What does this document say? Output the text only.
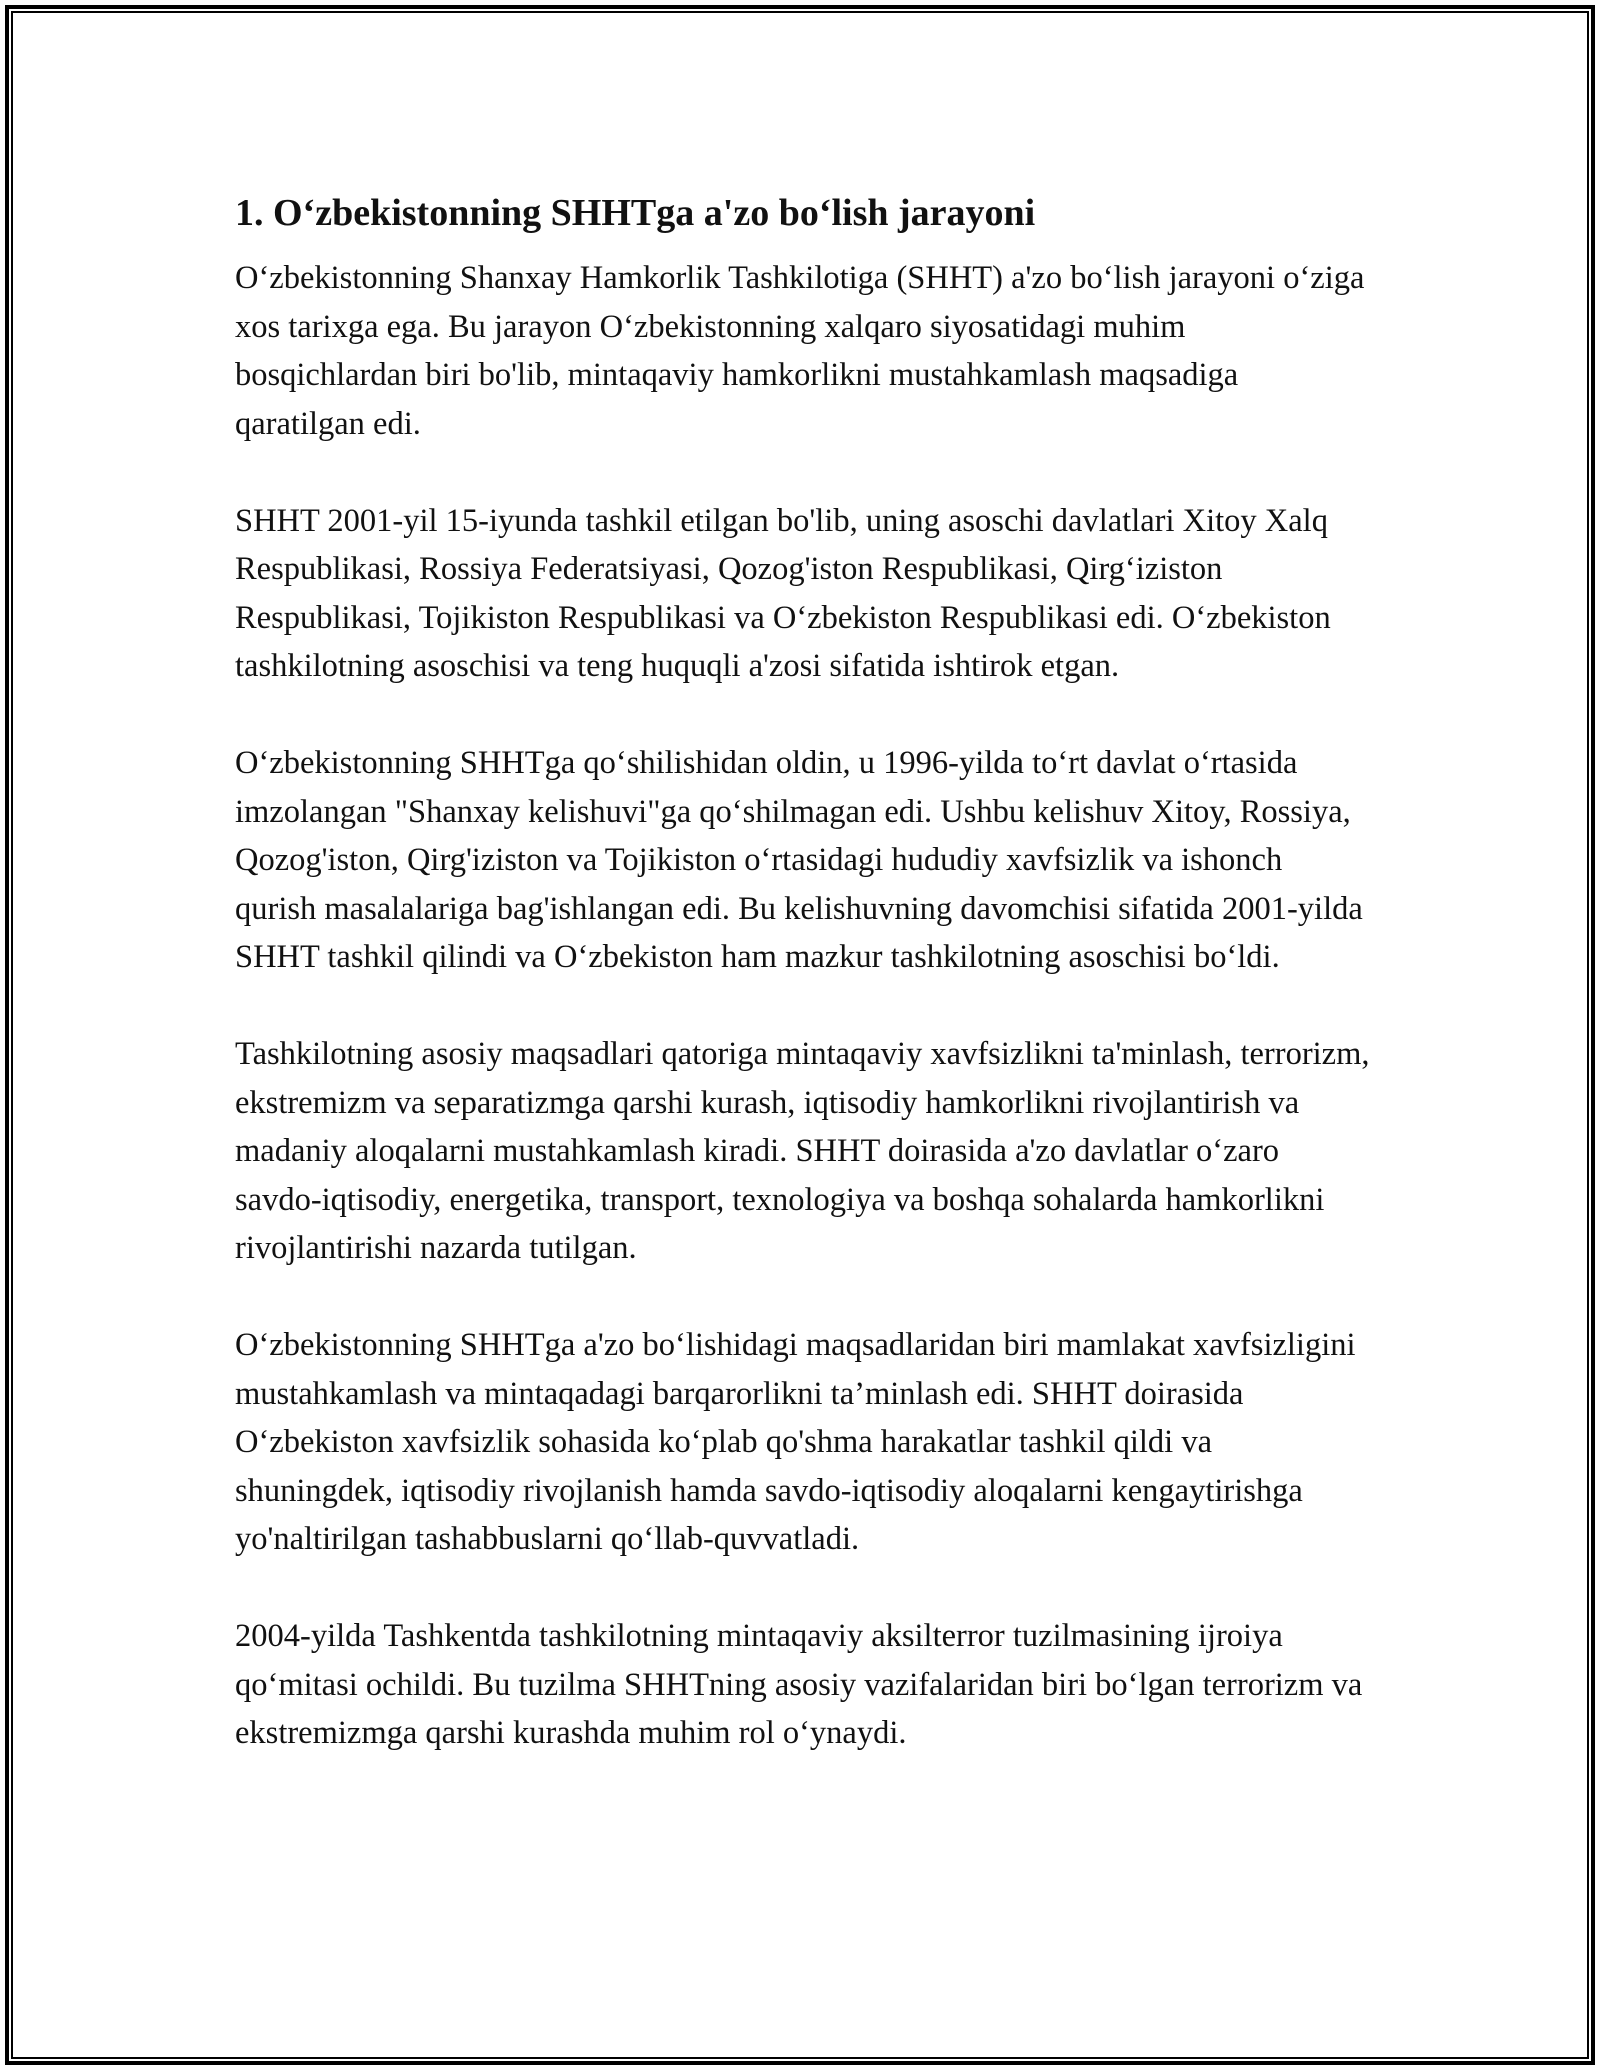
1. O‘zbekistonning SHHTga a'zo bo‘lish jarayoni

O‘zbekistonning Shanxay Hamkorlik Tashkilotiga (SHHT) a'zo bo‘lish jarayoni o‘ziga xos tarixga ega. Bu jarayon O‘zbekistonning xalqaro siyosatidagi muhim bosqichlardan biri bo'lib, mintaqaviy hamkorlikni mustahkamlash maqsadiga qaratilgan edi.

SHHT 2001-yil 15-iyunda tashkil etilgan bo'lib, uning asoschi davlatlari Xitoy Xalq Respublikasi, Rossiya Federatsiyasi, Qozog'iston Respublikasi, Qirg‘iziston Respublikasi, Tojikiston Respublikasi va O‘zbekiston Respublikasi edi. O‘zbekiston tashkilotning asoschisi va teng huquqli a'zosi sifatida ishtirok etgan.

O‘zbekistonning SHHTga qo‘shilishidan oldin, u 1996-yilda to‘rt davlat o‘rtasida imzolangan "Shanxay kelishuvi"ga qo‘shilmagan edi. Ushbu kelishuv Xitoy, Rossiya, Qozog'iston, Qirg'iziston va Tojikiston o‘rtasidagi hududiy xavfsizlik va ishonch qurish masalalariga bag'ishlangan edi. Bu kelishuvning davomchisi sifatida 2001-yilda SHHT tashkil qilindi va O‘zbekiston ham mazkur tashkilotning asoschisi bo‘ldi.

Tashkilotning asosiy maqsadlari qatoriga mintaqaviy xavfsizlikni ta'minlash, terrorizm, ekstremizm va separatizmga qarshi kurash, iqtisodiy hamkorlikni rivojlantirish va madaniy aloqalarni mustahkamlash kiradi. SHHT doirasida a'zo davlatlar o‘zaro savdo-iqtisodiy, energetika, transport, texnologiya va boshqa sohalarda hamkorlikni rivojlantirishi nazarda tutilgan.

O‘zbekistonning SHHTga a'zo bo‘lishidagi maqsadlaridan biri mamlakat xavfsizligini mustahkamlash va mintaqadagi barqarorlikni ta’minlash edi. SHHT doirasida O‘zbekiston xavfsizlik sohasida ko‘plab qo'shma harakatlar tashkil qildi va shuningdek, iqtisodiy rivojlanish hamda savdo-iqtisodiy aloqalarni kengaytirishga yo'naltirilgan tashabbuslarni qo‘llab-quvvatladi.

2004-yilda Tashkentda tashkilotning mintaqaviy aksilterror tuzilmasining ijroiya qo‘mitasi ochildi. Bu tuzilma SHHTning asosiy vazifalaridan biri bo‘lgan terrorizm va ekstremizmga qarshi kurashda muhim rol o‘ynaydi.
